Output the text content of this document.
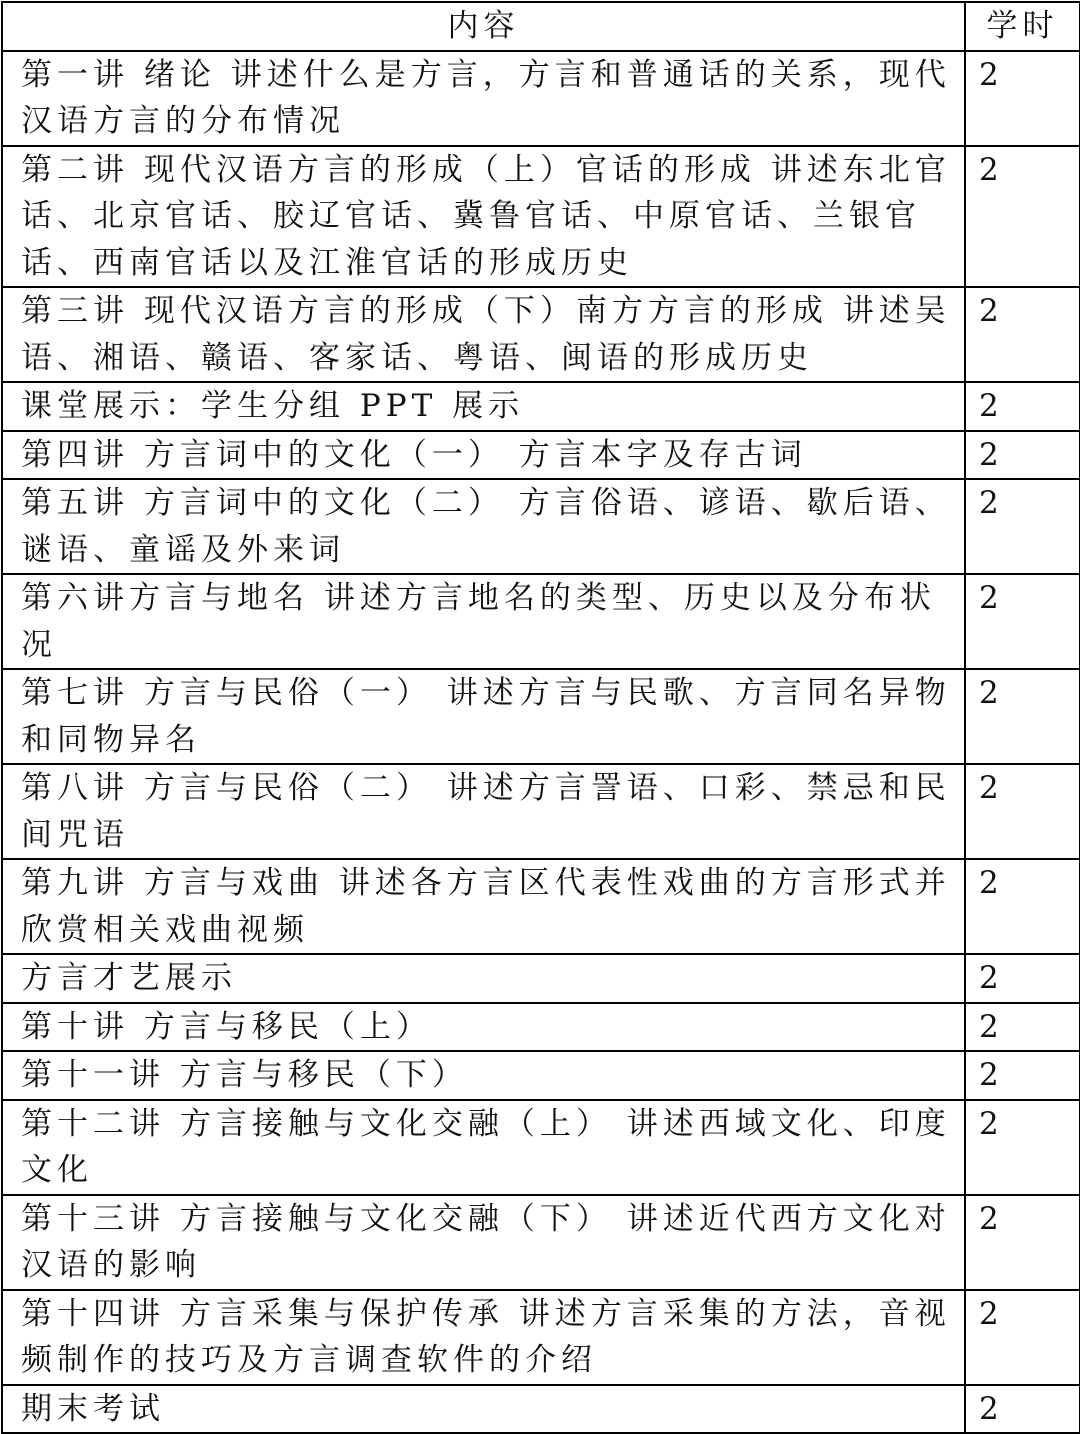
内容	学时
第一讲 绪论 讲述什么是方言，方言和普通话的关系，现代汉语方言的分布情况	2
第二讲 现代汉语方言的形成（上）官话的形成 讲述东北官话、北京官话、胶辽官话、冀鲁官话、中原官话、兰银官话、西南官话以及江淮官话的形成历史	2
第三讲 现代汉语方言的形成（下）南方方言的形成 讲述吴语、湘语、赣语、客家话、粤语、闽语的形成历史	2
课堂展示：学生分组 PPT 展示	2
第四讲 方言词中的文化（一） 方言本字及存古词	2
第五讲 方言词中的文化（二） 方言俗语、谚语、歇后语、谜语、童谣及外来词	2
第六讲方言与地名 讲述方言地名的类型、历史以及分布状况	2
第七讲 方言与民俗（一） 讲述方言与民歌、方言同名异物和同物异名	2
第八讲 方言与民俗（二） 讲述方言詈语、口彩、禁忌和民间咒语	2
第九讲 方言与戏曲 讲述各方言区代表性戏曲的方言形式并欣赏相关戏曲视频	2
方言才艺展示	2
第十讲 方言与移民（上）	2
第十一讲 方言与移民（下）	2
第十二讲 方言接触与文化交融（上） 讲述西域文化、印度文化	2
第十三讲 方言接触与文化交融（下） 讲述近代西方文化对汉语的影响	2
第十四讲 方言采集与保护传承 讲述方言采集的方法，音视频制作的技巧及方言调查软件的介绍	2
期末考试	2
